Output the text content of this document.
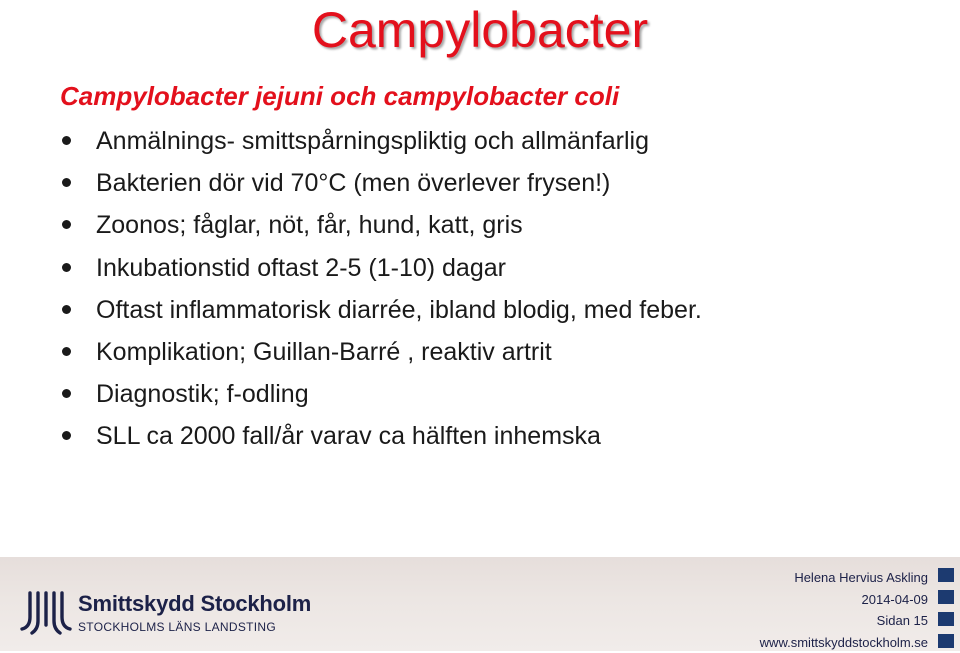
Campylobacter
Campylobacter jejuni och campylobacter coli
Anmälnings- smittspårningspliktig och allmänfarlig
Bakterien dör vid 70°C (men överlever frysen!)
Zoonos; fåglar, nöt, får, hund, katt, gris
Inkubationstid oftast 2-5 (1-10) dagar
Oftast inflammatorisk diarrée, ibland blodig, med feber.
Komplikation; Guillan-Barré , reaktiv artrit
Diagnostik; f-odling
SLL ca 2000 fall/år varav ca hälften inhemska
Smittskydd Stockholm
STOCKHOLMS LÄNS LANDSTING
Helena Hervius Askling
2014-04-09
Sidan 15
www.smittskyddstockholm.se
